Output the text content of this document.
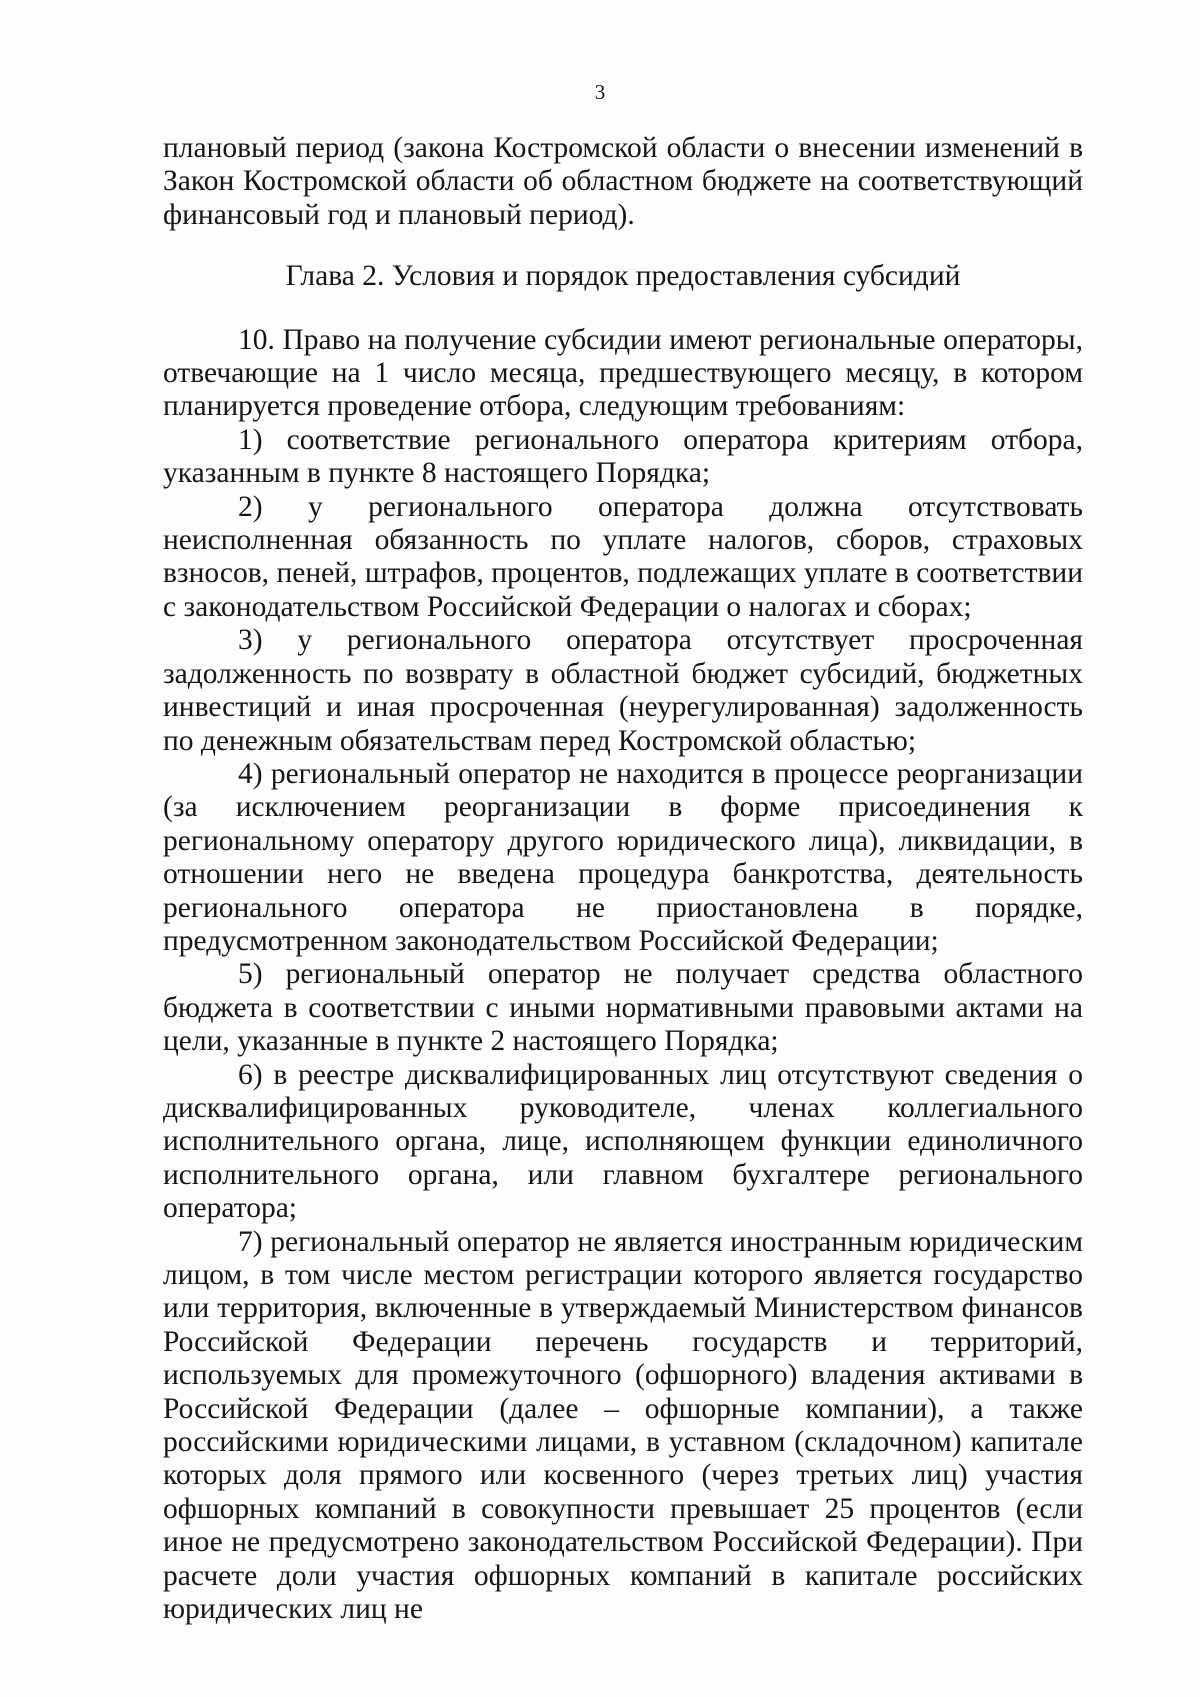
3

плановый период (закона Костромской области о внесении изменений в Закон Костромской области об областном бюджете на соответствующий финансовый год и плановый период).

Глава 2. Условия и порядок предоставления субсидий

10. Право на получение субсидии имеют региональные операторы, отвечающие на 1 число месяца, предшествующего месяцу, в котором планируется проведение отбора, следующим требованиям:

1) соответствие регионального оператора критериям отбора, указанным в пункте 8 настоящего Порядка;

2) у регионального оператора должна отсутствовать неисполненная обязанность по уплате налогов, сборов, страховых взносов, пеней, штрафов, процентов, подлежащих уплате в соответствии с законодательством Российской Федерации о налогах и сборах;

3) у регионального оператора отсутствует просроченная задолженность по возврату в областной бюджет субсидий, бюджетных инвестиций и иная просроченная (неурегулированная) задолженность по денежным обязательствам перед Костромской областью;

4) региональный оператор не находится в процессе реорганизации (за исключением реорганизации в форме присоединения к региональному оператору другого юридического лица), ликвидации, в отношении него не введена процедура банкротства, деятельность регионального оператора не приостановлена в порядке, предусмотренном законодательством Российской Федерации;

5) региональный оператор не получает средства областного бюджета в соответствии с иными нормативными правовыми актами на цели, указанные в пункте 2 настоящего Порядка;

6) в реестре дисквалифицированных лиц отсутствуют сведения о дисквалифицированных руководителе, членах коллегиального исполнительного органа, лице, исполняющем функции единоличного исполнительного органа, или главном бухгалтере регионального оператора;

7) региональный оператор не является иностранным юридическим лицом, в том числе местом регистрации которого является государство или территория, включенные в утверждаемый Министерством финансов Российской Федерации перечень государств и территорий, используемых для промежуточного (офшорного) владения активами в Российской Федерации (далее – офшорные компании), а также российскими юридическими лицами, в уставном (складочном) капитале которых доля прямого или косвенного (через третьих лиц) участия офшорных компаний в совокупности превышает 25 процентов (если иное не предусмотрено законодательством Российской Федерации). При расчете доли участия офшорных компаний в капитале российских юридических лиц не
